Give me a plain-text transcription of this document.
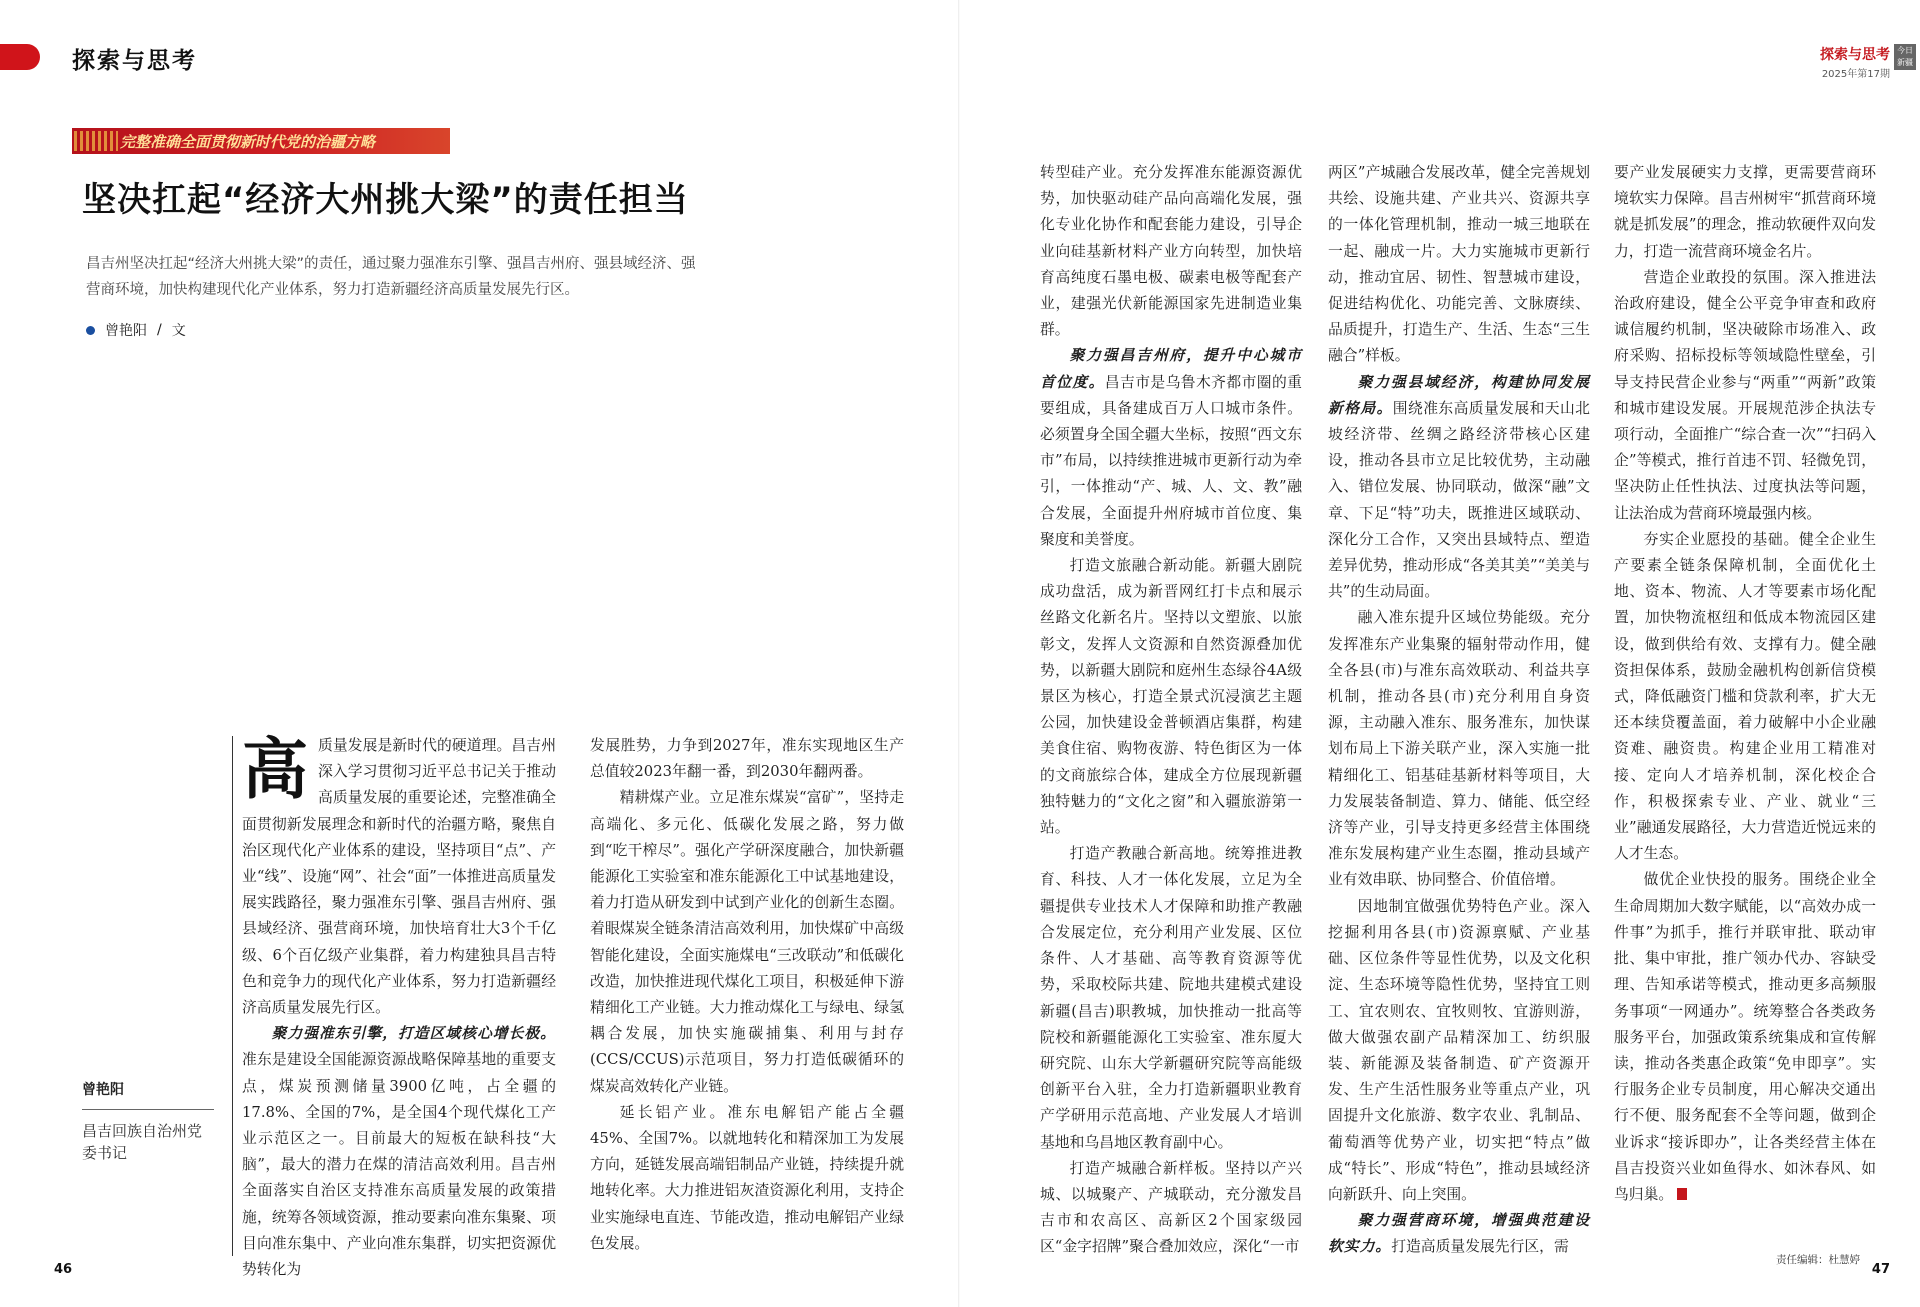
探索与思考
完整准确全面贯彻新时代党的治疆方略
坚决扛起“经济大州挑大梁”的责任担当

昌吉州坚决扛起“经济大州挑大梁”的责任，通过聚力强准东引擎、强昌吉州府、强县域经济、强营商环境，加快构建现代化产业体系，努力打造新疆经济高质量发展先行区。

曾艳阳 / 文
曾艳阳
昌吉回族自治州党委书记

高质量发展是新时代的硬道理。昌吉州深入学习贯彻习近平总书记关于推动高质量发展的重要论述，完整准确全面贯彻新发展理念和新时代的治疆方略，聚焦自治区现代化产业体系的建设，坚持项目“点”、产业“线”、设施“网”、社会“面”一体推进高质量发展实践路径，聚力强准东引擎、强昌吉州府、强县域经济、强营商环境，加快培育壮大3个千亿级、6个百亿级产业集群，着力构建独具昌吉特色和竞争力的现代化产业体系，努力打造新疆经济高质量发展先行区。

聚力强准东引擎，打造区域核心增长极。准东是建设全国能源资源战略保障基地的重要支点，煤炭预测储量3900亿吨，占全疆的17.8%、全国的7%，是全国4个现代煤化工产业示范区之一。目前最大的短板在缺科技“大脑”，最大的潜力在煤的清洁高效利用。昌吉州全面落实自治区支持准东高质量发展的政策措施，统筹各领域资源，推动要素向准东集聚、项目向准东集中、产业向准东集群，切实把资源优势转化为

发展胜势，力争到2027年，准东实现地区生产总值较2023年翻一番，到2030年翻两番。

精耕煤产业。立足准东煤炭“富矿”，坚持走高端化、多元化、低碳化发展之路，努力做到“吃干榨尽”。强化产学研深度融合，加快新疆能源化工实验室和准东能源化工中试基地建设，着力打造从研发到中试到产业化的创新生态圈。着眼煤炭全链条清洁高效利用，加快煤矿中高级智能化建设，全面实施煤电“三改联动”和低碳化改造，加快推进现代煤化工项目，积极延伸下游精细化工产业链。大力推动煤化工与绿电、绿氢耦合发展，加快实施碳捕集、利用与封存(CCS/CCUS)示范项目，努力打造低碳循环的煤炭高效转化产业链。

延长铝产业。准东电解铝产能占全疆45%、全国7%。以就地转化和精深加工为发展方向，延链发展高端铝制品产业链，持续提升就地转化率。大力推进铝灰渣资源化利用，支持企业实施绿电直连、节能改造，推动电解铝产业绿色发展。

46
探索与思考
2025年第17期
今日新疆

转型硅产业。充分发挥准东能源资源优势，加快驱动硅产品向高端化发展，强化专业化协作和配套能力建设，引导企业向硅基新材料产业方向转型，加快培育高纯度石墨电极、碳素电极等配套产业，建强光伏新能源国家先进制造业集群。

聚力强昌吉州府，提升中心城市首位度。昌吉市是乌鲁木齐都市圈的重要组成，具备建成百万人口城市条件。必须置身全国全疆大坐标，按照“西文东市”布局，以持续推进城市更新行动为牵引，一体推动“产、城、人、文、教”融合发展，全面提升州府城市首位度、集聚度和美誉度。

打造文旅融合新动能。新疆大剧院成功盘活，成为新晋网红打卡点和展示丝路文化新名片。坚持以文塑旅、以旅彰文，发挥人文资源和自然资源叠加优势，以新疆大剧院和庭州生态绿谷4A级景区为核心，打造全景式沉浸演艺主题公园，加快建设金普顿酒店集群，构建美食住宿、购物夜游、特色街区为一体的文商旅综合体，建成全方位展现新疆独特魅力的“文化之窗”和入疆旅游第一站。

打造产教融合新高地。统筹推进教育、科技、人才一体化发展，立足为全疆提供专业技术人才保障和助推产教融合发展定位，充分利用产业发展、区位条件、人才基础、高等教育资源等优势，采取校际共建、院地共建模式建设新疆(昌吉)职教城，加快推动一批高等院校和新疆能源化工实验室、准东厦大研究院、山东大学新疆研究院等高能级创新平台入驻，全力打造新疆职业教育产学研用示范高地、产业发展人才培训基地和乌昌地区教育副中心。

打造产城融合新样板。坚持以产兴城、以城聚产、产城联动，充分激发昌吉市和农高区、高新区2个国家级园区“金字招牌”聚合叠加效应，深化“一市

两区”产城融合发展改革，健全完善规划共绘、设施共建、产业共兴、资源共享的一体化管理机制，推动一城三地联在一起、融成一片。大力实施城市更新行动，推动宜居、韧性、智慧城市建设，促进结构优化、功能完善、文脉赓续、品质提升，打造生产、生活、生态“三生融合”样板。

聚力强县域经济，构建协同发展新格局。围绕准东高质量发展和天山北坡经济带、丝绸之路经济带核心区建设，推动各县市立足比较优势，主动融入、错位发展、协同联动，做深“融”文章、下足“特”功夫，既推进区域联动、深化分工合作，又突出县域特点、塑造差异优势，推动形成“各美其美”“美美与共”的生动局面。

融入准东提升区域位势能级。充分发挥准东产业集聚的辐射带动作用，健全各县(市)与准东高效联动、利益共享机制，推动各县(市)充分利用自身资源，主动融入准东、服务准东，加快谋划布局上下游关联产业，深入实施一批精细化工、铝基硅基新材料等项目，大力发展装备制造、算力、储能、低空经济等产业，引导支持更多经营主体围绕准东发展构建产业生态圈，推动县域产业有效串联、协同整合、价值倍增。

因地制宜做强优势特色产业。深入挖掘利用各县(市)资源禀赋、产业基础、区位条件等显性优势，以及文化积淀、生态环境等隐性优势，坚持宜工则工、宜农则农、宜牧则牧、宜游则游，做大做强农副产品精深加工、纺织服装、新能源及装备制造、矿产资源开发、生产生活性服务业等重点产业，巩固提升文化旅游、数字农业、乳制品、葡萄酒等优势产业，切实把“特点”做成“特长”、形成“特色”，推动县域经济向新跃升、向上突围。

聚力强营商环境，增强典范建设软实力。打造高质量发展先行区，需

要产业发展硬实力支撑，更需要营商环境软实力保障。昌吉州树牢“抓营商环境就是抓发展”的理念，推动软硬件双向发力，打造一流营商环境金名片。

营造企业敢投的氛围。深入推进法治政府建设，健全公平竞争审查和政府诚信履约机制，坚决破除市场准入、政府采购、招标投标等领域隐性壁垒，引导支持民营企业参与“两重”“两新”政策和城市建设发展。开展规范涉企执法专项行动，全面推广“综合查一次”“扫码入企”等模式，推行首违不罚、轻微免罚，坚决防止任性执法、过度执法等问题，让法治成为营商环境最强内核。

夯实企业愿投的基础。健全企业生产要素全链条保障机制，全面优化土地、资本、物流、人才等要素市场化配置，加快物流枢纽和低成本物流园区建设，做到供给有效、支撑有力。健全融资担保体系，鼓励金融机构创新信贷模式，降低融资门槛和贷款利率，扩大无还本续贷覆盖面，着力破解中小企业融资难、融资贵。构建企业用工精准对接、定向人才培养机制，深化校企合作，积极探索专业、产业、就业“三业”融通发展路径，大力营造近悦远来的人才生态。

做优企业快投的服务。围绕企业全生命周期加大数字赋能，以“高效办成一件事”为抓手，推行并联审批、联动审批、集中审批，推广领办代办、容缺受理、告知承诺等模式，推动更多高频服务事项“一网通办”。统筹整合各类政务服务平台，加强政策系统集成和宣传解读，推动各类惠企政策“免申即享”。实行服务企业专员制度，用心解决交通出行不便、服务配套不全等问题，做到企业诉求“接诉即办”，让各类经营主体在昌吉投资兴业如鱼得水、如沐春风、如鸟归巢。

责任编辑：杜慧婷
47
